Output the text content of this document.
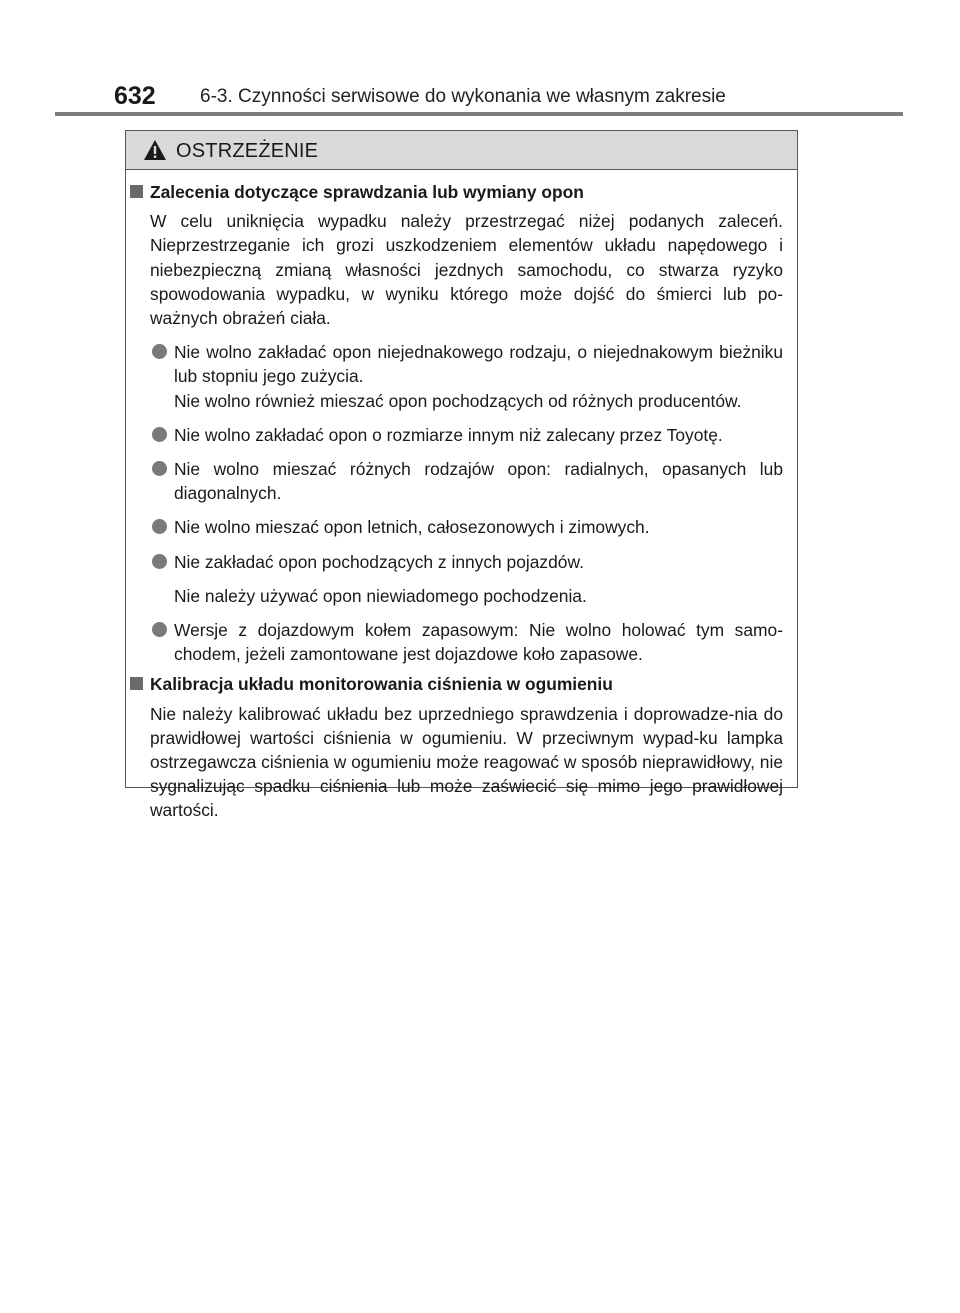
632 6-3. Czynności serwisowe do wykonania we własnym zakresie
OSTRZEŻENIE
Zalecenia dotyczące sprawdzania lub wymiany opon
W celu uniknięcia wypadku należy przestrzegać niżej podanych zaleceń. Nieprzestrzeganie ich grozi uszkodzeniem elementów układu napędowego i niebezpieczną zmianą własności jezdnych samochodu, co stwarza ryzyko spowodowania wypadku, w wyniku którego może dojść do śmierci lub po-ważnych obrażeń ciała.
Nie wolno zakładać opon niejednakowego rodzaju, o niejednakowym bieżniku lub stopniu jego zużycia.
Nie wolno również mieszać opon pochodzących od różnych producentów.
Nie wolno zakładać opon o rozmiarze innym niż zalecany przez Toyotę.
Nie wolno mieszać różnych rodzajów opon: radialnych, opasanych lub diagonalnych.
Nie wolno mieszać opon letnich, całosezonowych i zimowych.
Nie zakładać opon pochodzących z innych pojazdów.
Nie należy używać opon niewiadomego pochodzenia.
Wersje z dojazdowym kołem zapasowym: Nie wolno holować tym samo-chodem, jeżeli zamontowane jest dojazdowe koło zapasowe.
Kalibracja układu monitorowania ciśnienia w ogumieniu
Nie należy kalibrować układu bez uprzedniego sprawdzenia i doprowadze-nia do prawidłowej wartości ciśnienia w ogumieniu. W przeciwnym wypad-ku lampka ostrzegawcza ciśnienia w ogumieniu może reagować w sposób nieprawidłowy, nie sygnalizując spadku ciśnienia lub może zaświecić się mimo jego prawidłowej wartości.
